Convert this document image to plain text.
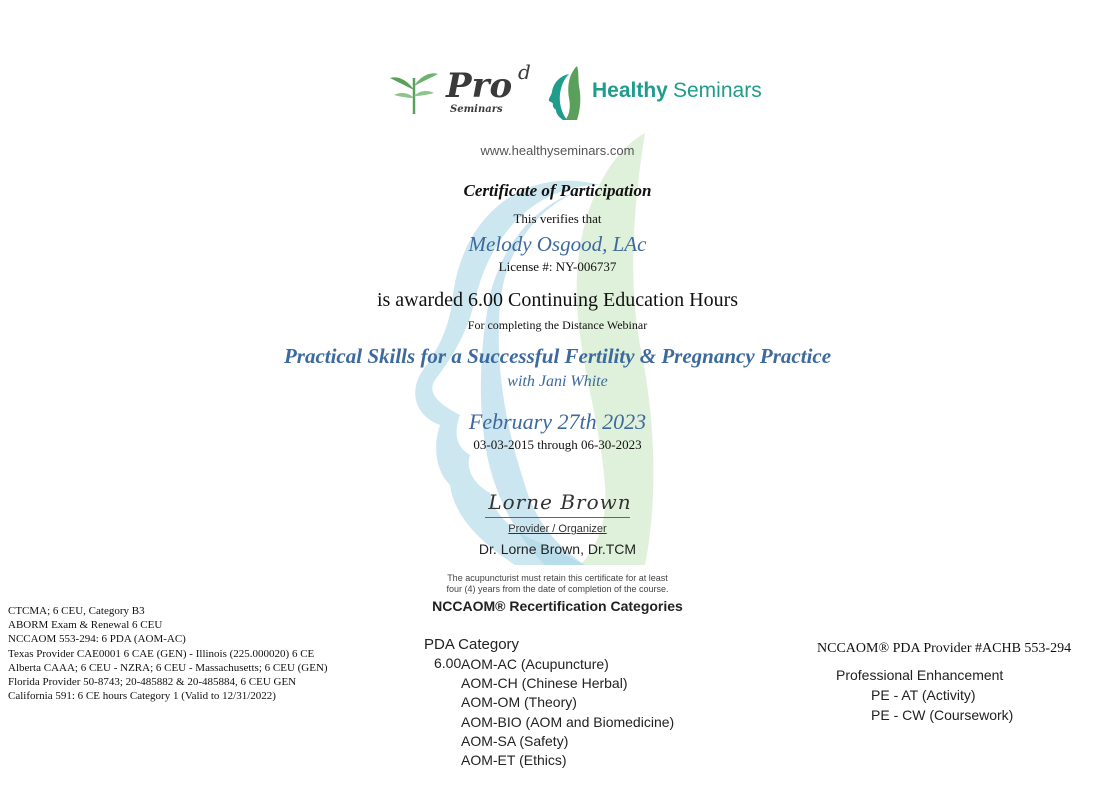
Pro d
Seminars
Healthy Seminars
www.healthyseminars.com
Certificate of Participation
This verifies that
Melody Osgood, LAc
License #: NY-006737
is awarded 6.00 Continuing Education Hours
For completing the Distance Webinar
Practical Skills for a Successful Fertility & Pregnancy Practice
with Jani White
February 27th 2023
03-03-2015 through 06-30-2023
Lorne Brown
Provider / Organizer
Dr. Lorne Brown, Dr.TCM
The acupuncturist must retain this certificate for at least
four (4) years from the date of completion of the course.
NCCAOM® Recertification Categories
CTCMA; 6 CEU, Category B3
ABORM Exam & Renewal 6 CEU
NCCAOM 553-294: 6 PDA (AOM-AC)
Texas Provider CAE0001 6 CAE (GEN) - Illinois (225.000020) 6 CE
Alberta CAAA; 6 CEU - NZRA; 6 CEU - Massachusetts; 6 CEU (GEN)
Florida Provider 50-8743; 20-485882 & 20-485884, 6 CEU GEN
California 591: 6 CE hours Category 1 (Valid to 12/31/2022)
PDA Category
6.00 AOM-AC (Acupuncture)
AOM-CH (Chinese Herbal)
AOM-OM (Theory)
AOM-BIO (AOM and Biomedicine)
AOM-SA (Safety)
AOM-ET (Ethics)
NCCAOM® PDA Provider #ACHB 553-294
Professional Enhancement
PE - AT (Activity)
PE - CW (Coursework)
